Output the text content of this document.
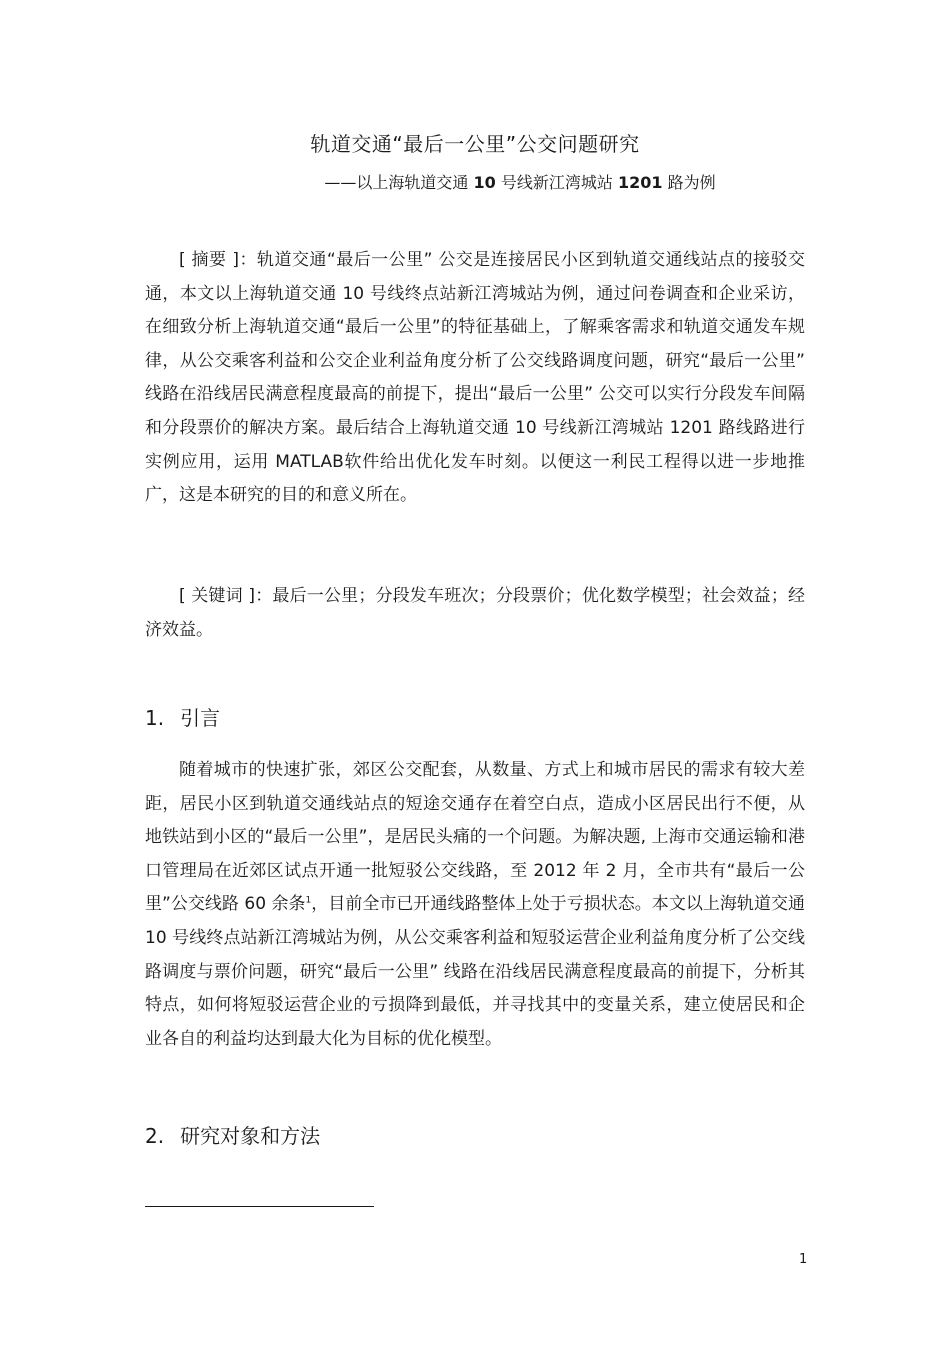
轨道交通“最后一公里”公交问题研究
——以上海轨道交通 10 号线新江湾城站 1201 路为例
[ 摘要 ]：轨道交通“最后一公里” 公交是连接居民小区到轨道交通线站点的接驳交通，本文以上海轨道交通 10 号线终点站新江湾城站为例，通过问卷调查和企业采访，在细致分析上海轨道交通“最后一公里”的特征基础上，了解乘客需求和轨道交通发车规律，从公交乘客利益和公交企业利益角度分析了公交线路调度问题，研究“最后一公里” 线路在沿线居民满意程度最高的前提下，提出“最后一公里” 公交可以实行分段发车间隔和分段票价的解决方案。最后结合上海轨道交通 10 号线新江湾城站 1201 路线路进行实例应用，运用 MATLAB软件给出优化发车时刻。以便这一利民工程得以进一步地推广，这是本研究的目的和意义所在。
[ 关键词 ]：最后一公里；分段发车班次；分段票价；优化数学模型；社会效益；经济效益。
1. 引言
随着城市的快速扩张，郊区公交配套，从数量、方式上和城市居民的需求有较大差距，居民小区到轨道交通线站点的短途交通存在着空白点，造成小区居民出行不便，从地铁站到小区的“最后一公里”，是居民头痛的一个问题。为解决题, 上海市交通运输和港口管理局在近郊区试点开通一批短驳公交线路，至 2012 年 2 月，全市共有“最后一公里”公交线路 60 余条$^1$，目前全市已开通线路整体上处于亏损状态。本文以上海轨道交通 10 号线终点站新江湾城站为例，从公交乘客利益和短驳运营企业利益角度分析了公交线路调度与票价问题，研究“最后一公里” 线路在沿线居民满意程度最高的前提下，分析其特点，如何将短驳运营企业的亏损降到最低，并寻找其中的变量关系，建立使居民和企业各自的利益均达到最大化为目标的优化模型。
2. 研究对象和方法
1
